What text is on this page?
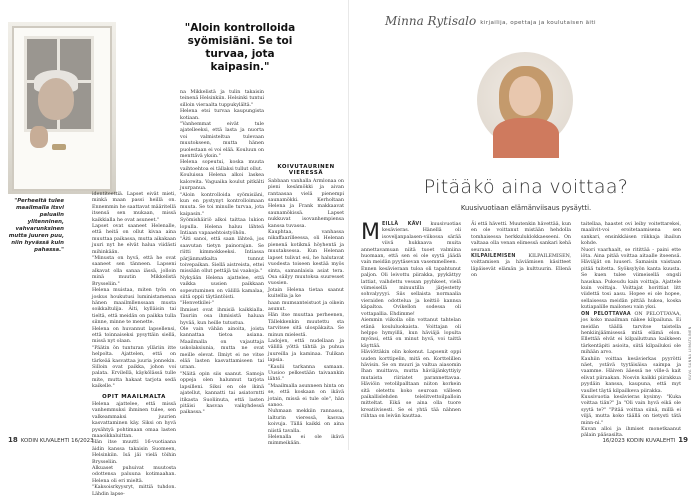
"Perheeltä tuleе maailmalla itsvi paluaiin ylitenninen, vahvarunksinen mutta juuren puu, niin hyvässä kuin pahassa."
"Aloin kontrolloida syömisiäni. Se toi turvaa, jota kaipasin."

identiteettiä. Lapset eivät mieti, minkä maan passi heillä on. Ennemmin he saattavat määritellä itsensä sen mukaan, missä kaikkialla he ovat asuneet."

Lapset ovat saaneet Helenalle, että heitä on ollut kivaa aina muuttaa paikassa, mutta aikakaan juuri nyt he elvät haluа viidästi mihinkään.

"Minusta on hyvä, että he ovat saaneet sen tänneen. Lapseni alkavat olla sanaa iässä, jolloin minä muutin Mikkelistä Brysseliin."

Helena muistaa, miten työn on joskus houkutusi luministamenaa hänen maailmllenssaan musta soikkaltulija. Äiti, kylläisin tai tieltä, että meidän on paikka tulla siinne, minne te menette.

Helena on huvannut lapsellensi, että toinnaiseksi pysyttäin siellä, missä nyt olaan.

"Päätin ön tunturan ylläriin itte helpolta. Ajattelen, että on tärkeää kasvattaa juuria jonnekin. Silloin ovat paikka, johon voi palata. Ervilellä, käykölässä tulle mite, mutta hakaat tarjota sedä kaikelle."

OPIT MAAILMALTA

Helena ajattelee, että missä vanhemmuksi ihminen tulee, sen valkeammaksi juurien kasvattaminen käy. Siksi on hyvä pysähtyä pohtimaan omaa lasten maaoikkaluittan.

Hän itse muutti 16-vuotiaana äidin kanssa takaisin Suomeen, Helsinkiin. Isä jäi vielä töihin Brysseliin.

Alkuaset puhuivat muutosta odottensa paluuna kotimaahan. Helena oli eri mieltä.

"Kaksoisrkyysryt, mittiä tuhdon. Lähdin lapse-

na Mikkelistä ja tulin takaisin teinenä Helsinkiin. Helsinki tuntui silloin vieraalta tuppukylältä."

Helena etsi turvaa kaupungista kotiaan.

"Vanhemmat eivät tule ajatelleeksi, että lasta ja nuorta voi valmisteltua tulevaan muutokseen, mutta hänen puolestaan ei voi elää. Kouluun on menttävä yksin."

Helena sopeutui, koska muuta vaihtoehtoa ei tällaksi tullut ollut.

Kouluissa Helena alkoi laskea kaloreita. Vaguaika koulut pitkälti juurpanua.

"Aloin kontrolloida syömisiäni, kun en pystynyt kontrolloimaan muuta. Se toi minulle turvaa, jota kaipasin."

Syömishäiriö alkoi taittaa lukion lopulla. Helena haluu lähteä Intiaan vapaaehtoistyöhön.

"Äiti sanoi, että saan lähteä, jos saavutan tietyn painorajan. Se riitti kimmokkeeksi. Intiassa pärjänmatkalta tunnut toivepaikan. Siellä aistreista, ettei missään ollut pettäjä tai vaakoja."

Nykyään Helena ajattelee, että vaikka uusien paikkaan sopeutuminen on välillä kamalaa, siitä oppii täytäntöisti.

"Henvetkilei-"

Ihmiset ovat ihmisiä kaikkialla. Tauriin osa ihmisistä haluaa hyvää, kun heille tutustua.

Ole vain vähän ainoita, joista kannattaa tietoa asiana. Maailmalla on vajauttaja uskolaksiunia, mutta ne ovat meille elevat. Ilmiyt ei ne vitse elää lasten kasvattamiseen tai uraan.

"Näitä opin siis saanut. Samoja oppeja olen halunnut tarjota lapsilleni. Siksi en ole ikinä ajatellut, kannatti tai asiatorntti itikasta Suoliinuta, että lasten pitäisi kasvaa vaikyhdessä paikassa."

KOIVUTAURINEN VIERESSÄ

Sabbaan vanhalla Armlonaa on pieni kesämökki ja aivan rantaasaa vielä pienempi saunamökki. Kerholtaan Helena ja Frank makkaavat saunamökissä. Lapset nukkuvat isovanhempiensa kanssa tuvassa.

Kauphtaa, vanhassa nikaffaarilleessa, oli Helenan pienenä kotikmä höyhentä ja muutaksessa. Kun Helenan lapset tulivat esi, he halutavat vuodesta toiseen kestää myös sinta, samanlaisia asiat tera. Osa säilyy muutoksa suuresset vuosien.

Jotain Helena tietaa saanut kuitellia ja ke

haan mumsanteistuot ja oikein asunut.

Hän itse muuttaa perheenen, Tällekkenkin muutettu sta tarvitsee sitä ulospäkaita. Se minun mielestä.

Ladojen, että nudellaan ja välillä yöttä tähtiä ja puhua juureilla ja kaminaa. Tulikan lapsia.

"Kaulii tarkanna samaan. Uusioo pelkestään taivaankin lähtö."

"Maailmalla asunneen hinta on se, että koskaan on ikävä jotain, missä ei tule ole", hän sanoo.

Nuhmaan mekkiin rannassa, lalturin vieressä, kasvaa koivuja. Tällä kaikki on aina niistä tavalla.

Helenalla ei ole ikävä mimmeikään.

18 KODIN KUVALEHTI 16/2023
Minna Rytisalo kirjailija, opettaja ja koulutaisen äiti
Pitääkö aina voittaa?
Kuusivuotiaan elämänviisaus pysäytti.
MEILLÄ KÄVI kuusivuotias kesävieras. Hänellä oli isoveljanpalasen-viikossa särää viivä hukkaava muita annettavamuan niitä tuoet valmiina huomaan, että sen ei ole syytä jäädä vain meidän pyytäsevan vasemmelleen.

Ennen kesävieraan tuloa oli tapahtunut paljon. Oli leivottu piirakka, pyykättyy lattiat, vaihdettu vessan pyyhkeet, vielä viimeisellä minuutilla järjestetty sohvalyyyyi. Siis sellaista normaalia vieraiden odotteluа ja keittiö kannsa käpaltoa. Ovikellon sodessa oli vottapallia. Ehdimme!

Aiemmin viikolla olin vottanut tahtelan etänä koululuokaista. Voittajan oli helppo hymyillä, kun häviäjä lopulta myönsi, että on minut hyvä, voi taittä käyttää.

Häviöttäkin olin kokenut. Lapsenit oppi uuden korttipelin, mitä en. Korttelillen hävisin. Se on muuri ja valtua aiasomin Ihan muittava, mutta häviäjänkyttiyiy mutaista riiriatet parannettavaa. Häviöin vetolilpalltaan niiton korkein sitä oletettu koko seuroan välleen paikallislehden telelitvettoilpalloin mitteltat. Eikä se aina olla tuore kreatiivisesti. Se ei yhtä tää nähnen riihtaa on leivän kauttaa.

Äi että hävettí. Muutenkin hävettää, kun en ole voittanut mistään hehdolla tomhaisessa herkkuluklokkaeseeni. On valtaaa olla venan elimessä sankari kehä seuraan.

KILPAILEMISEN	KILPAILEMISEN, voittamisen ja häviämisen käsitteet läpäisevät elämän ja kulttuurin. Ellenä on

taitellaa, haastet ovi leiby voitettarekei, maalivit-voi eroitetaamisena sen sankari, ensinkkäisen riikkaja ihailun kohde.

Nuori vaarhaalt, se ritittää - paini ette iöta. Aina pitää voittaa aitaalle itseensä. Häviäjät on luuseri. Samaisin vaistaan pitää tuitetta. Syöksylyön kanta kuusta. Se kuen tulee viimeisellä ongsli hauskaa. Pukeudu kain voittaja. Ajattele kuin voittaja. Voittajat horittiat litt viidettä tosi aasu. Hopee ei ole hopee, sellaisessa meidän pittää hukea, koska kutiapalille mailoneu vain yksi.

ON PELOTTAVAA ON PELOTTAVAA, jos koko maailman näkee kilpailuna. Ei meidän täällä tarvitse taistella henkiinjäämisessä mitä elämä elon. Ellettää elvät ei kilpailuttuna kaikkeen tärkentäpiti asioita, siitä kilpailuksi ole mihään arvo.

Kauhiin voittaa kesävierkas pyyrötti näet, ystävä tyytäisäisa saimpa ja vaamme. Häiven ääessä ne ville-ä kait elivat piiraakan. Nosvin kaikki piirakkua pyydäin kanssa, kaupuna, että myt vaullet täytä kilpailkeva piirakka.

Kuusivuotia kesävieras kysimy: "Kuka voittaa tiän?" Ja "Oli vain hyvä eikä ole syytä te?" "Pitää voittaa siinä, millä ei viljä, mutta koko täällä on tietysti tätä minn-ni."

Kuvan alloi ja ihmiset monetkaanut pälain pääsasilta.

KUVA SANNA LIIMATAINEN
16/2023 KODIN KUVALEHTI 19
